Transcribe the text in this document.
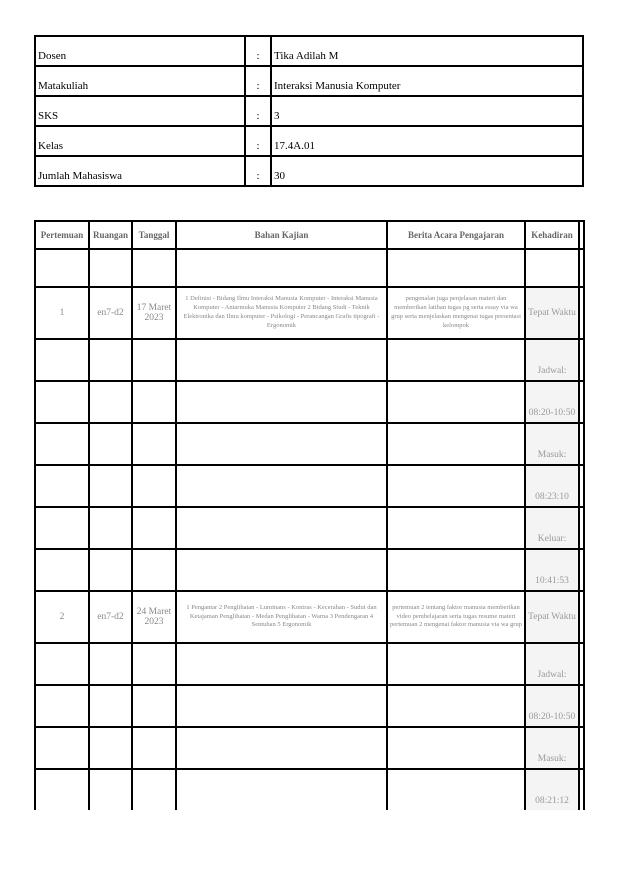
Dosen	:	Tika Adilah M
Matakuliah	:	Interaksi Manusia Komputer
SKS	:	3
Kelas	:	17.4A.01
Jumlah Mahasiswa	:	30
Pertemuan	Ruangan	Tanggal	Bahan Kajian	Berita Acara Pengajaran	Kehadiran	

1	en7-d2	17 Maret 2023	1 Definisi - Bidang Ilmu Interaksi Manusia Komputer - Interaksi Manusia Komputer - Antarmuka Manusia Komputer 2 Bidang Studi - Teknik Elektronika dan Ilmu komputer - Psikologi - Perancangan Grafis tipografi - Ergonomik	pengenalan juga penjelasan materi dan memberikan latihan tugas pg serta essay via wa grup serta menjelaskan mengenai tugas presentasi kelompok	Tepat Waktu	
					Jadwal:	
					08:20-10:50	
					Masuk:	
					08:23:10	
					Keluar:	
					10:41:53	
2	en7-d2	24 Maret 2023	1 Pengantar 2 Penglihatan - Luminans - Kontras - Kecerahan - Sudut dan Ketajaman Penglihatan - Medan Penglihatan - Warna 3 Pendengaran 4 Sentuhan 5 Ergonomik	pertemuan 2 tentang faktor manusia memberikan video pembelajaran serta tugas resume materi pertemuan 2 mengenai faktor manusia via wa grup	Tepat Waktu	
					Jadwal:	
					08:20-10:50	
					Masuk:	
					08:21:12	
